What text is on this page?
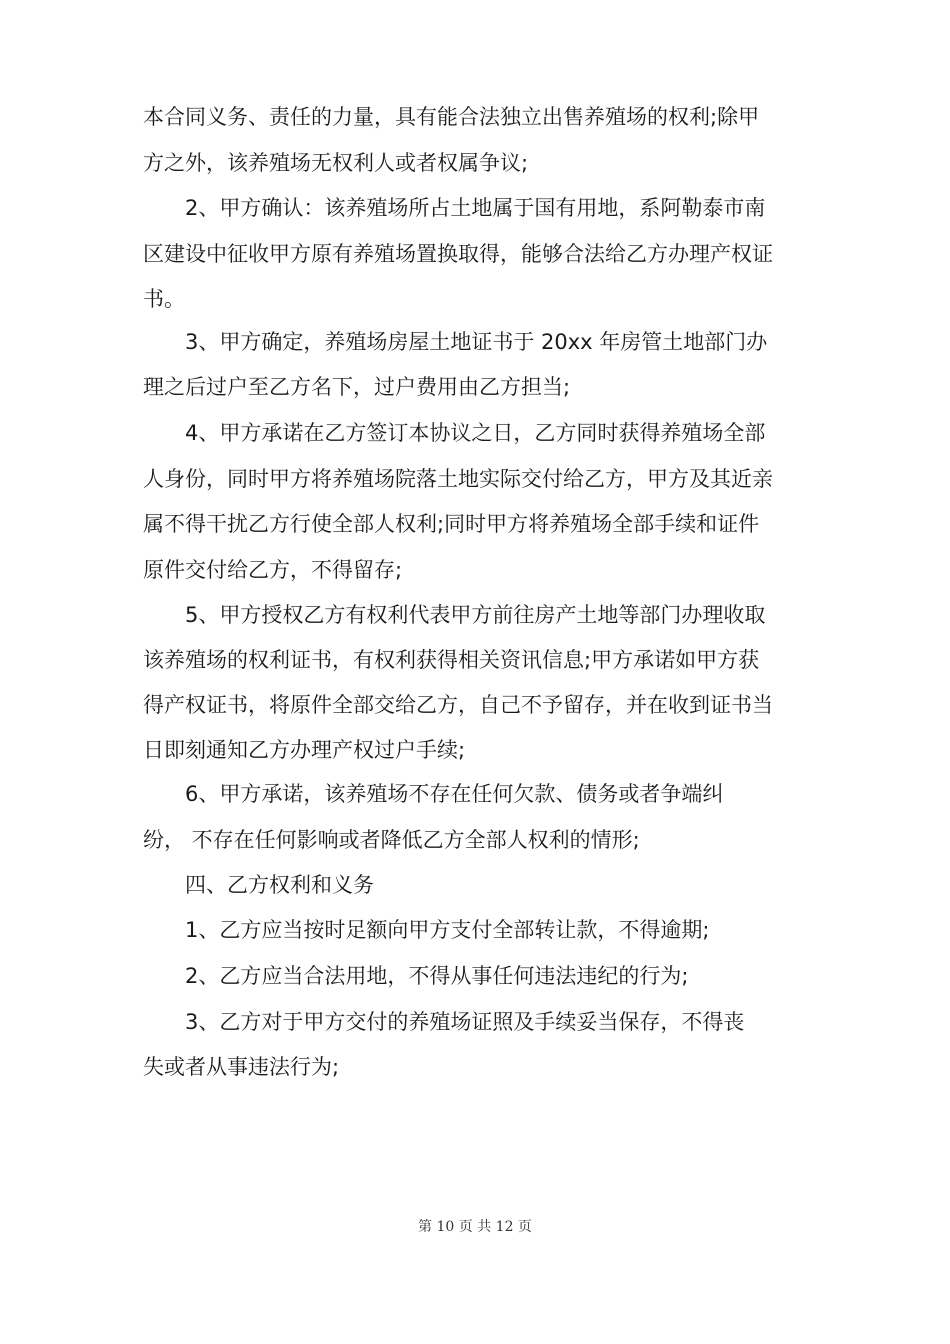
本合同义务、责任的力量，具有能合法独立出售养殖场的权利;除甲
方之外，该养殖场无权利人或者权属争议;
　　2、甲方确认：该养殖场所占土地属于国有用地，系阿勒泰市南
区建设中征收甲方原有养殖场置换取得，能够合法给乙方办理产权证
书。
　　3、甲方确定，养殖场房屋土地证书于 20xx 年房管土地部门办
理之后过户至乙方名下，过户费用由乙方担当;
　　4、甲方承诺在乙方签订本协议之日，乙方同时获得养殖场全部
人身份，同时甲方将养殖场院落土地实际交付给乙方，甲方及其近亲
属不得干扰乙方行使全部人权利;同时甲方将养殖场全部手续和证件
原件交付给乙方，不得留存;
　　5、甲方授权乙方有权利代表甲方前往房产土地等部门办理收取
该养殖场的权利证书，有权利获得相关资讯信息;甲方承诺如甲方获
得产权证书，将原件全部交给乙方，自己不予留存，并在收到证书当
日即刻通知乙方办理产权过户手续;
　　6、甲方承诺，该养殖场不存在任何欠款、债务或者争端纠
纷， 不存在任何影响或者降低乙方全部人权利的情形;
　　四、乙方权利和义务
　　1、乙方应当按时足额向甲方支付全部转让款，不得逾期;
　　2、乙方应当合法用地，不得从事任何违法违纪的行为;
　　3、乙方对于甲方交付的养殖场证照及手续妥当保存，不得丧
失或者从事违法行为;
第 10 页 共 12 页
